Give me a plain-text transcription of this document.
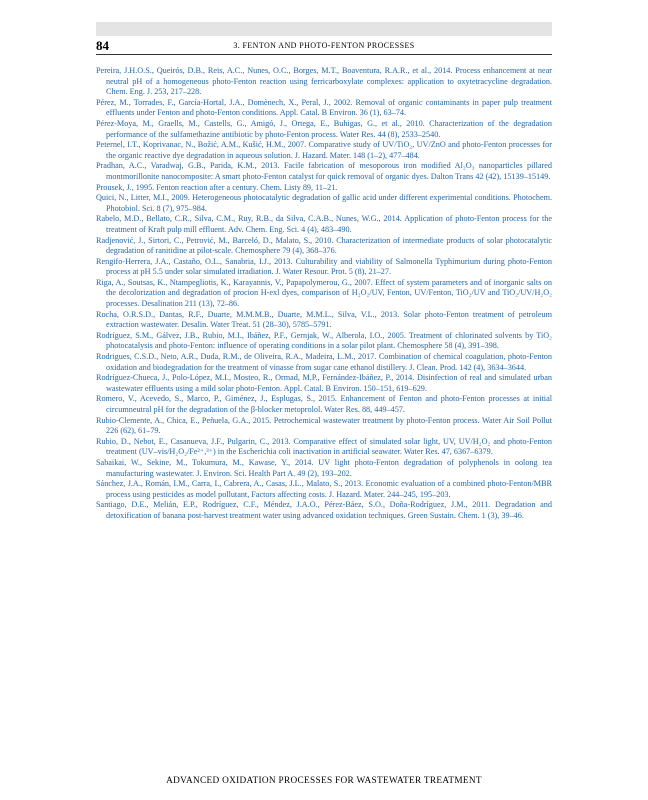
84	3. FENTON AND PHOTO-FENTON PROCESSES

Pereira, J.H.O.S., Queirós, D.B., Reis, A.C., Nunes, O.C., Borges, M.T., Boaventura, R.A.R., et al., 2014. Process enhancement at near neutral pH of a homogeneous photo-Fenton reaction using ferricarboxylate complexes: application to oxytetracycline degradation. Chem. Eng. J. 253, 217–228.

Pérez, M., Torrades, F., García-Hortal, J.A., Domènech, X., Peral, J., 2002. Removal of organic contaminants in paper pulp treatment effluents under Fenton and photo-Fenton conditions. Appl. Catal. B Environ. 36 (1), 63–74.

Pérez-Moya, M., Graells, M., Castells, G., Amigó, J., Ortega, E., Buhigas, G., et al., 2010. Characterization of the degradation performance of the sulfamethazine antibiotic by photo-Fenton process. Water Res. 44 (8), 2533–2540.

Peternel, I.T., Koprivanac, N., Božić, A.M., Kušić, H.M., 2007. Comparative study of UV/TiO₂, UV/ZnO and photo-Fenton processes for the organic reactive dye degradation in aqueous solution. J. Hazard. Mater. 148 (1–2), 477–484.

Pradhan, A.C., Varadwaj, G.B., Parida, K.M., 2013. Facile fabrication of mesoporous iron modified Al₂O₃ nanoparticles pillared montmorillonite nanocomposite: A smart photo-Fenton catalyst for quick removal of organic dyes. Dalton Trans 42 (42), 15139–15149.

Prousek, J., 1995. Fenton reaction after a century. Chem. Listy 89, 11–21.

Quici, N., Litter, M.I., 2009. Heterogeneous photocatalytic degradation of gallic acid under different experimental conditions. Photochem. Photobiol. Sci. 8 (7), 975–984.

Rabelo, M.D., Bellato, C.R., Silva, C.M., Ruy, R.B., da Silva, C.A.B., Nunes, W.G., 2014. Application of photo-Fenton process for the treatment of Kraft pulp mill effluent. Adv. Chem. Eng. Sci. 4 (4), 483–490.

Radjenović, J., Sirtori, C., Petrović, M., Barceló, D., Malato, S., 2010. Characterization of intermediate products of solar photocatalytic degradation of ranitidine at pilot-scale. Chemosphere 79 (4), 368–376.

Rengifo-Herrera, J.A., Castaño, O.L., Sanabria, I.J., 2013. Culturability and viability of Salmonella Typhimurium during photo-Fenton process at pH 5.5 under solar simulated irradiation. J. Water Resour. Prot. 5 (8), 21–27.

Riga, A., Soutsas, K., Ntampegliotis, K., Karayannis, V., Papapolymerou, G., 2007. Effect of system parameters and of inorganic salts on the decolorization and degradation of procion H-exl dyes, comparison of H₂O₂/UV, Fenton, UV/Fenton, TiO₂/UV and TiO₂/UV/H₂O₂ processes. Desalination 211 (13), 72–86.

Rocha, O.R.S.D., Dantas, R.F., Duarte, M.M.M.B., Duarte, M.M.L., Silva, V.L., 2013. Solar photo-Fenton treatment of petroleum extraction wastewater. Desalin. Water Treat. 51 (28–30), 5785–5791.

Rodríguez, S.M., Gálvez, J.B., Rubio, M.I., Ibáñez, P.F., Gernjak, W., Alberola, I.O., 2005. Treatment of chlorinated solvents by TiO₂ photocatalysis and photo-Fenton: influence of operating conditions in a solar pilot plant. Chemosphere 58 (4), 391–398.

Rodrigues, C.S.D., Neto, A.R., Duda, R.M., de Oliveira, R.A., Madeira, L.M., 2017. Combination of chemical coagulation, photo-Fenton oxidation and biodegradation for the treatment of vinasse from sugar cane ethanol distillery. J. Clean. Prod. 142 (4), 3634–3644.

Rodríguez-Chueca, J., Polo-López, M.I., Mosteo, R., Ormad, M.P., Fernández-Ibáñez, P., 2014. Disinfection of real and simulated urban wastewater effluents using a mild solar photo-Fenton. Appl. Catal. B Environ. 150–151, 619–629.

Romero, V., Acevedo, S., Marco, P., Giménez, J., Esplugas, S., 2015. Enhancement of Fenton and photo-Fenton processes at initial circumneutral pH for the degradation of the β-blocker metoprolol. Water Res. 88, 449–457.

Rubio-Clemente, A., Chica, E., Peñuela, G.A., 2015. Petrochemical wastewater treatment by photo-Fenton process. Water Air Soil Pollut 226 (62), 61–79.

Rubio, D., Nebot, E., Casanueva, J.F., Pulgarin, C., 2013. Comparative effect of simulated solar light, UV, UV/H₂O₂ and photo-Fenton treatment (UV–vis/H₂O₂/Fe²⁺,³⁺) in the Escherichia coli inactivation in artificial seawater. Water Res. 47, 6367–6379.

Sabaikai, W., Sekine, M., Tokumura, M., Kawase, Y., 2014. UV light photo-Fenton degradation of polyphenols in oolong tea manufacturing wastewater. J. Environ. Sci. Health Part A. 49 (2), 193–202.

Sánchez, J.A., Román, I.M., Carra, I., Cabrera, A., Casas, J.L., Malato, S., 2013. Economic evaluation of a combined photo-Fenton/MBR process using pesticides as model pollutant, Factors affecting costs. J. Hazard. Mater. 244–245, 195–203.

Santiago, D.E., Melián, E.P., Rodríguez, C.F., Méndez, J.A.O., Pérez-Báez, S.O., Doña-Rodríguez, J.M., 2011. Degradation and detoxification of banana post-harvest treatment water using advanced oxidation techniques. Green Sustain. Chem. 1 (3), 39–46.

ADVANCED OXIDATION PROCESSES FOR WASTEWATER TREATMENT
